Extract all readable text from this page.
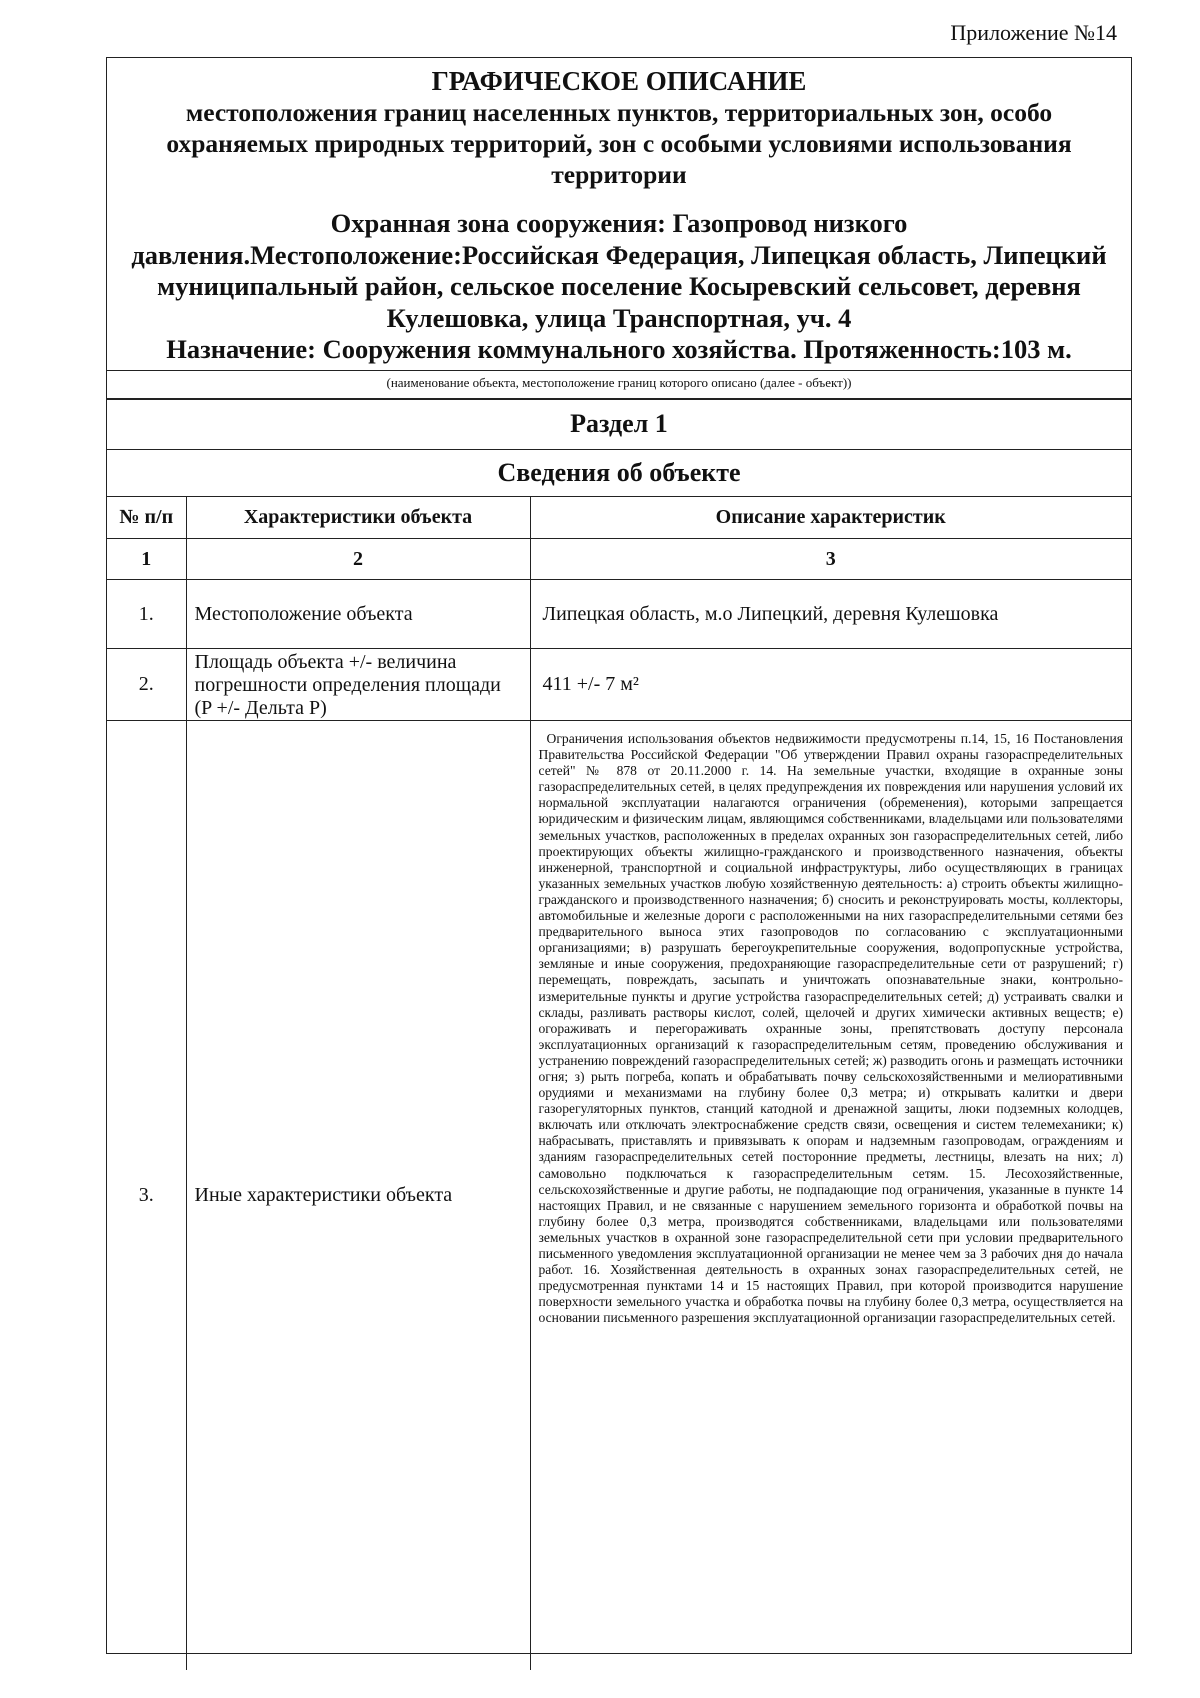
Приложение №14
ГРАФИЧЕСКОЕ ОПИСАНИЕ
местоположения границ населенных пунктов, территориальных зон, особо охраняемых природных территорий, зон с особыми условиями использования территории
Охранная зона сооружения: Газопровод низкого давления.Местоположение:Российская Федерация, Липецкая область, Липецкий муниципальный район, сельское поселение Косыревский сельсовет, деревня Кулешовка, улица Транспортная, уч. 4
Назначение: Сооружения коммунального хозяйства. Протяженность:103 м.
(наименование объекта, местоположение границ которого описано (далее - объект))
Раздел 1
Сведения об объекте
№ п/п	Характеристики объекта	Описание характеристик
1	2	3
1.	Местоположение объекта	Липецкая область, м.о Липецкий, деревня Кулешовка
2.	Площадь объекта +/- величина погрешности определения площади (P +/- Дельта P)	411 +/- 7 м²
3.	Иные характеристики объекта	Ограничения использования объектов недвижимости предусмотрены п.14, 15, 16 Постановления Правительства Российской Федерации "Об утверждении Правил охраны газораспределительных сетей" № 878 от 20.11.2000 г. 14. На земельные участки, входящие в охранные зоны газораспределительных сетей, в целях предупреждения их повреждения или нарушения условий их нормальной эксплуатации налагаются ограничения (обременения), которыми запрещается юридическим и физическим лицам, являющимся собственниками, владельцами или пользователями земельных участков, расположенных в пределах охранных зон газораспределительных сетей, либо проектирующих объекты жилищно-гражданского и производственного назначения, объекты инженерной, транспортной и социальной инфраструктуры, либо осуществляющих в границах указанных земельных участков любую хозяйственную деятельность: а) строить объекты жилищно-гражданского и производственного назначения; б) сносить и реконструировать мосты, коллекторы, автомобильные и железные дороги с расположенными на них газораспределительными сетями без предварительного выноса этих газопроводов по согласованию с эксплуатационными организациями; в) разрушать берегоукрепительные сооружения, водопропускные устройства, земляные и иные сооружения, предохраняющие газораспределительные сети от разрушений; г) перемещать, повреждать, засыпать и уничтожать опознавательные знаки, контрольно-измерительные пункты и другие устройства газораспределительных сетей; д) устраивать свалки и склады, разливать растворы кислот, солей, щелочей и других химически активных веществ; е) огораживать и перегораживать охранные зоны, препятствовать доступу персонала эксплуатационных организаций к газораспределительным сетям, проведению обслуживания и устранению повреждений газораспределительных сетей; ж) разводить огонь и размещать источники огня; з) рыть погреба, копать и обрабатывать почву сельскохозяйственными и мелиоративными орудиями и механизмами на глубину более 0,3 метра; и) открывать калитки и двери газорегуляторных пунктов, станций катодной и дренажной защиты, люки подземных колодцев, включать или отключать электроснабжение средств связи, освещения и систем телемеханики; к) набрасывать, приставлять и привязывать к опорам и надземным газопроводам, ограждениям и зданиям газораспределительных сетей посторонние предметы, лестницы, влезать на них; л) самовольно подключаться к газораспределительным сетям. 15. Лесохозяйственные, сельскохозяйственные и другие работы, не подпадающие под ограничения, указанные в пункте 14 настоящих Правил, и не связанные с нарушением земельного горизонта и обработкой почвы на глубину более 0,3 метра, производятся собственниками, владельцами или пользователями земельных участков в охранной зоне газораспределительной сети при условии предварительного письменного уведомления эксплуатационной организации не менее чем за 3 рабочих дня до начала работ. 16. Хозяйственная деятельность в охранных зонах газораспределительных сетей, не предусмотренная пунктами 14 и 15 настоящих Правил, при которой производится нарушение поверхности земельного участка и обработка почвы на глубину более 0,3 метра, осуществляется на основании письменного разрешения эксплуатационной организации газораспределительных сетей.
